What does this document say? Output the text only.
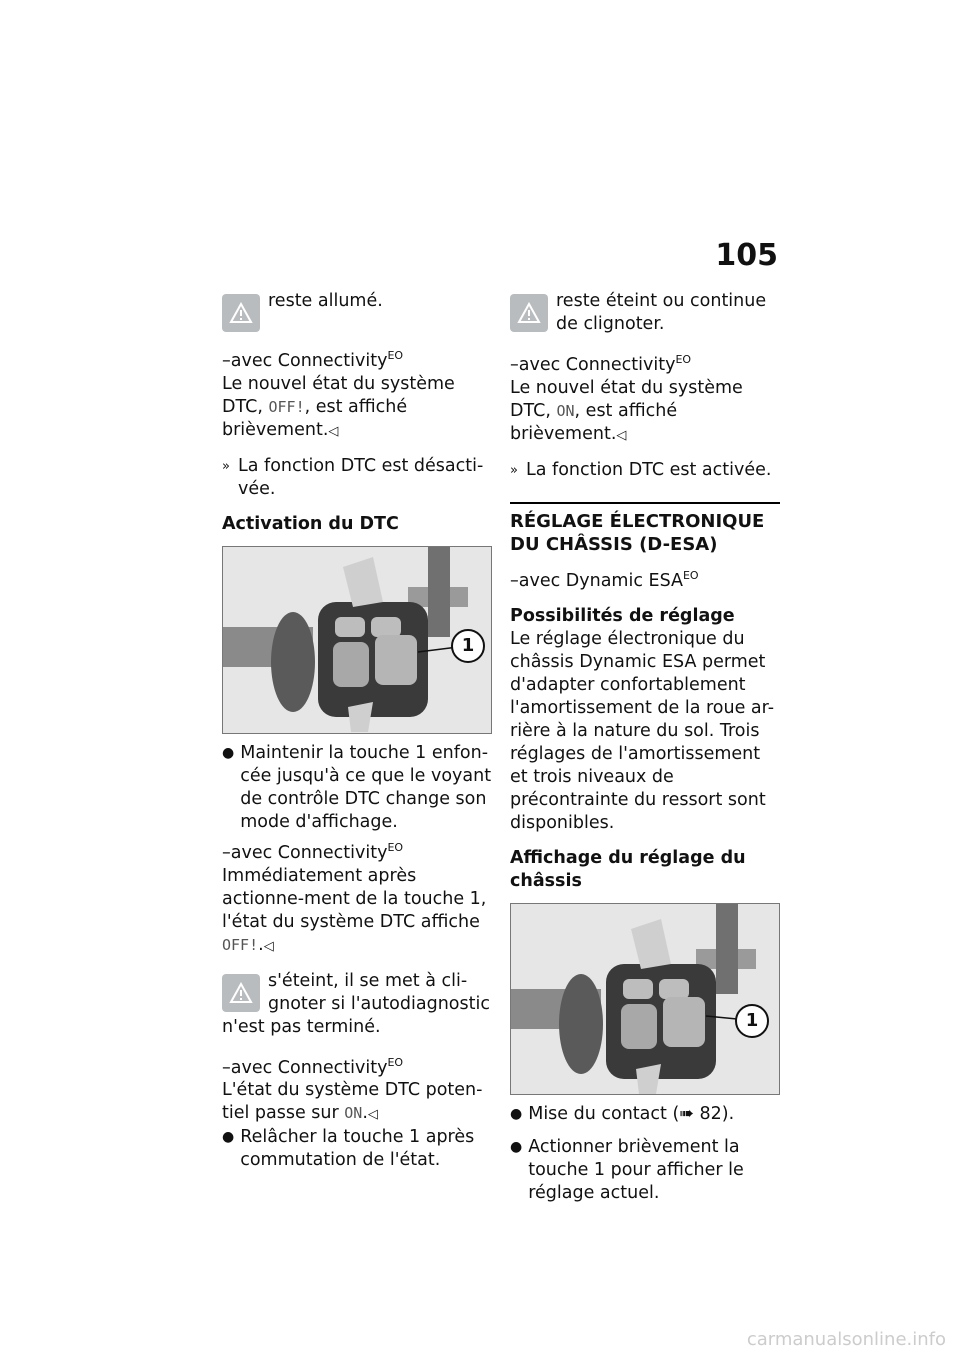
105
reste allumé.

–avec Connectivity$^{EO}$

Le nouvel état du système DTC, OFF!, est affiché brièvement.◁

» La fonction DTC est désacti-vée.
Activation du DTC
1
● Maintenir la touche 1 enfon-cée jusqu'à ce que le voyant de contrôle DTC change son mode d'affichage.

–avec Connectivity$^{EO}$

Immédiatement après actionne-ment de la touche 1, l'état du système DTC affiche OFF!.◁

s'éteint, il se met à cli-gnoter si l'autodiagnostic

n'est pas terminé.

–avec Connectivity$^{EO}$

L'état du système DTC poten-tiel passe sur ON.◁

● Relâcher la touche 1 après commutation de l'état.
reste éteint ou continue de clignoter.

–avec Connectivity$^{EO}$

Le nouvel état du système DTC, ON, est affiché brièvement.◁

» La fonction DTC est activée.
RÉGLAGE ÉLECTRONIQUE DU CHÂSSIS (D-ESA)

–avec Dynamic $ESA^{EO}$

Possibilités de réglage

Le réglage électronique du châssis Dynamic ESA permet d'adapter confortablement l'amortissement de la roue ar-rière à la nature du sol. Trois réglages de l'amortissement et trois niveaux de précontrainte du ressort sont disponibles.

Affichage du réglage du châssis
1
● Mise du contact (➠ 82).
● Actionner brièvement la touche 1 pour afficher le réglage actuel.
carmanualsonline.info
